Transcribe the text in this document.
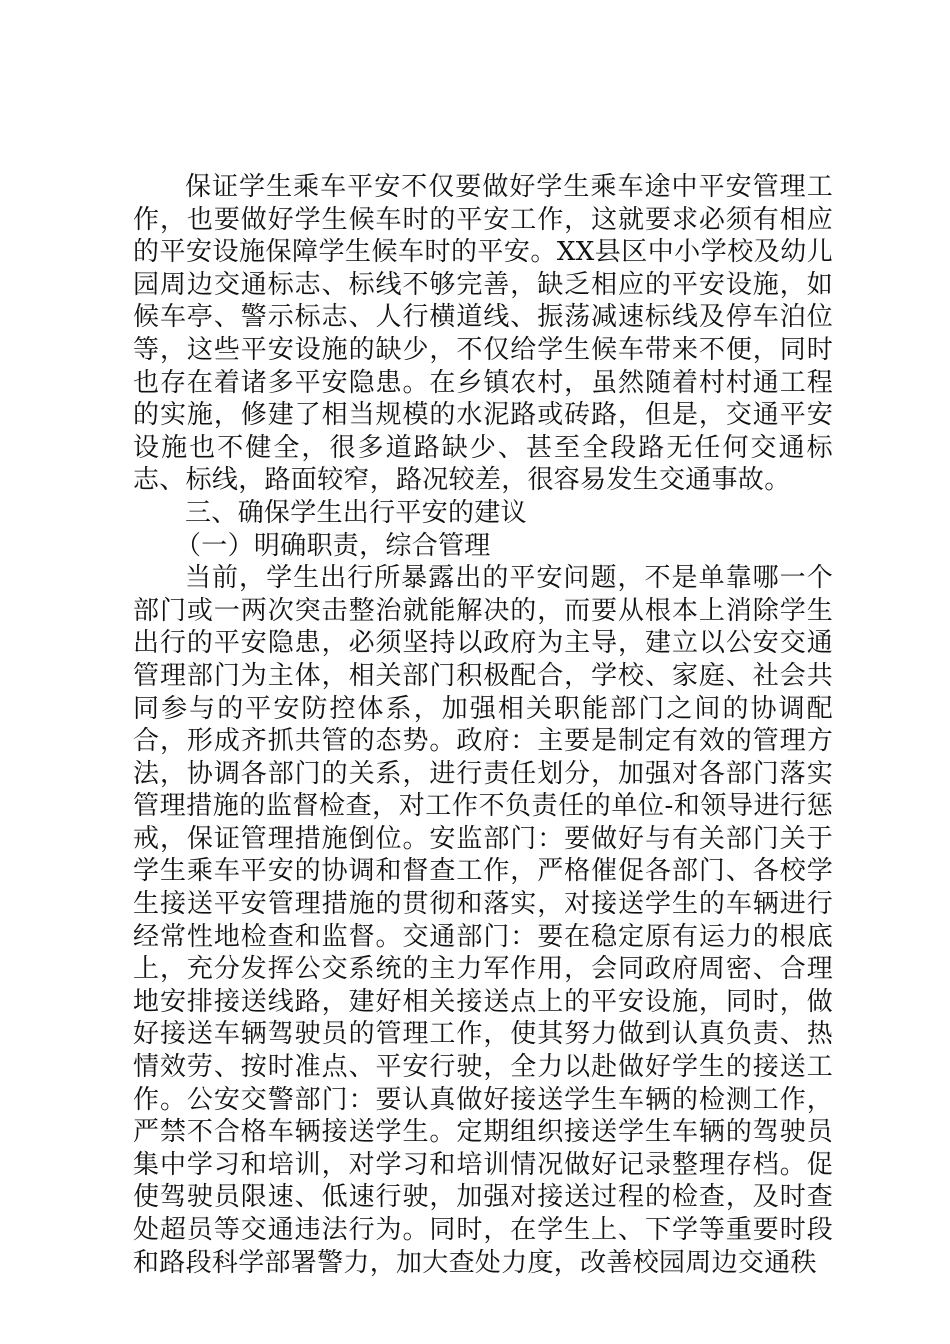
保证学生乘车平安不仅要做好学生乘车途中平安管理工作，也要做好学生候车时的平安工作，这就要求必须有相应的平安设施保障学生候车时的平安。XX县区中小学校及幼儿园周边交通标志、标线不够完善，缺乏相应的平安设施，如候车亭、警示标志、人行横道线、振荡减速标线及停车泊位等，这些平安设施的缺少，不仅给学生候车带来不便，同时也存在着诸多平安隐患。在乡镇农村，虽然随着村村通工程的实施，修建了相当规模的水泥路或砖路，但是，交通平安设施也不健全，很多道路缺少、甚至全段路无任何交通标志、标线，路面较窄，路况较差，很容易发生交通事故。

三、确保学生出行平安的建议

（一）明确职责，综合管理

当前，学生出行所暴露出的平安问题，不是单靠哪一个部门或一两次突击整治就能解决的，而要从根本上消除学生出行的平安隐患，必须坚持以政府为主导，建立以公安交通管理部门为主体，相关部门积极配合，学校、家庭、社会共同参与的平安防控体系，加强相关职能部门之间的协调配合，形成齐抓共管的态势。政府：主要是制定有效的管理方法，协调各部门的关系，进行责任划分，加强对各部门落实管理措施的监督检查，对工作不负责任的单位-和领导进行惩戒，保证管理措施倒位。安监部门：要做好与有关部门关于学生乘车平安的协调和督查工作，严格催促各部门、各校学生接送平安管理措施的贯彻和落实，对接送学生的车辆进行经常性地检查和监督。交通部门：要在稳定原有运力的根底上，充分发挥公交系统的主力军作用，会同政府周密、合理地安排接送线路，建好相关接送点上的平安设施，同时，做好接送车辆驾驶员的管理工作，使其努力做到认真负责、热情效劳、按时准点、平安行驶，全力以赴做好学生的接送工作。公安交警部门：要认真做好接送学生车辆的检测工作，严禁不合格车辆接送学生。定期组织接送学生车辆的驾驶员集中学习和培训，对学习和培训情况做好记录整理存档。促使驾驶员限速、低速行驶，加强对接送过程的检查，及时查处超员等交通违法行为。同时，在学生上、下学等重要时段和路段科学部署警力，加大查处力度，改善校园周边交通秩
